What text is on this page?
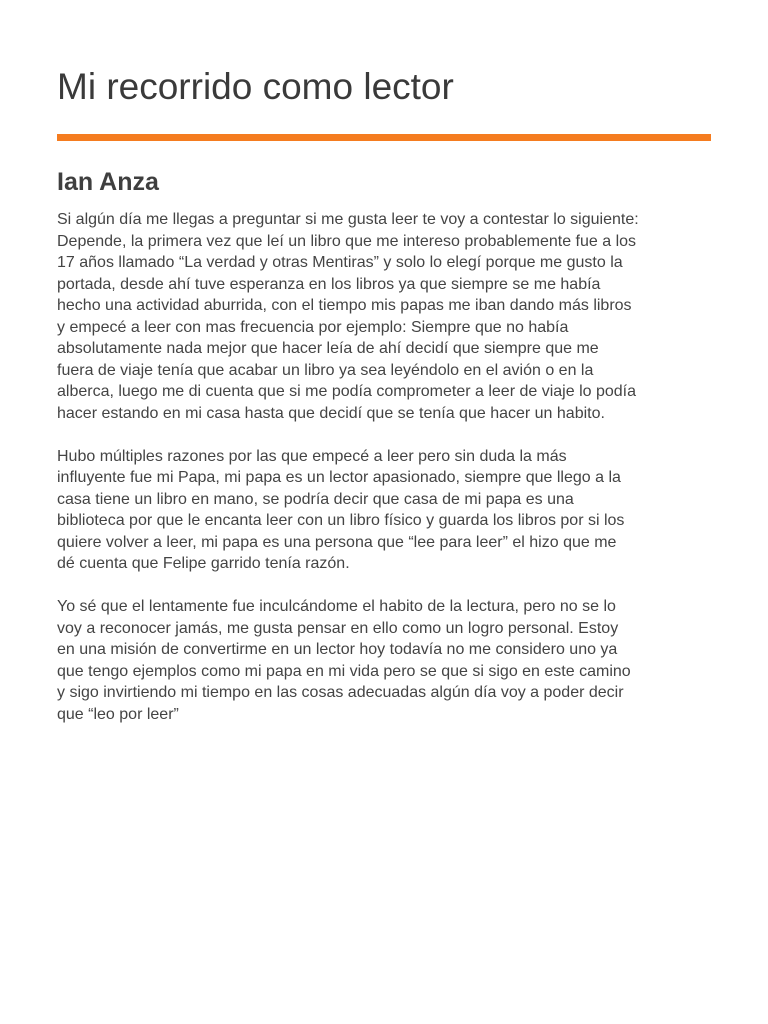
Mi recorrido como lector
Ian Anza

Si algún día me llegas a preguntar si me gusta leer te voy a contestar lo siguiente:
Depende, la primera vez que leí un libro que me intereso probablemente fue a los
17 años llamado “La verdad y otras Mentiras” y solo lo elegí porque me gusto la
portada, desde ahí tuve esperanza en los libros ya que siempre se me había
hecho una actividad aburrida, con el tiempo mis papas me iban dando más libros
y empecé a leer con mas frecuencia por ejemplo: Siempre que no había
absolutamente nada mejor que hacer leía de ahí decidí que siempre que me
fuera de viaje tenía que acabar un libro ya sea leyéndolo en el avión o en la
alberca, luego me di cuenta que si me podía comprometer a leer de viaje lo podía
hacer estando en mi casa hasta que decidí que se tenía que hacer un habito.

Hubo múltiples razones por las que empecé a leer pero sin duda la más
influyente fue mi Papa, mi papa es un lector apasionado, siempre que llego a la
casa tiene un libro en mano, se podría decir que casa de mi papa es una
biblioteca por que le encanta leer con un libro físico y guarda los libros por si los
quiere volver a leer, mi papa es una persona que “lee para leer” el hizo que me
dé cuenta que Felipe garrido tenía razón.

Yo sé que el lentamente fue inculcándome el habito de la lectura, pero no se lo
voy a reconocer jamás, me gusta pensar en ello como un logro personal. Estoy
en una misión de convertirme en un lector hoy todavía no me considero uno ya
que tengo ejemplos como mi papa en mi vida pero se que si sigo en este camino
y sigo invirtiendo mi tiempo en las cosas adecuadas algún día voy a poder decir
que “leo por leer”
